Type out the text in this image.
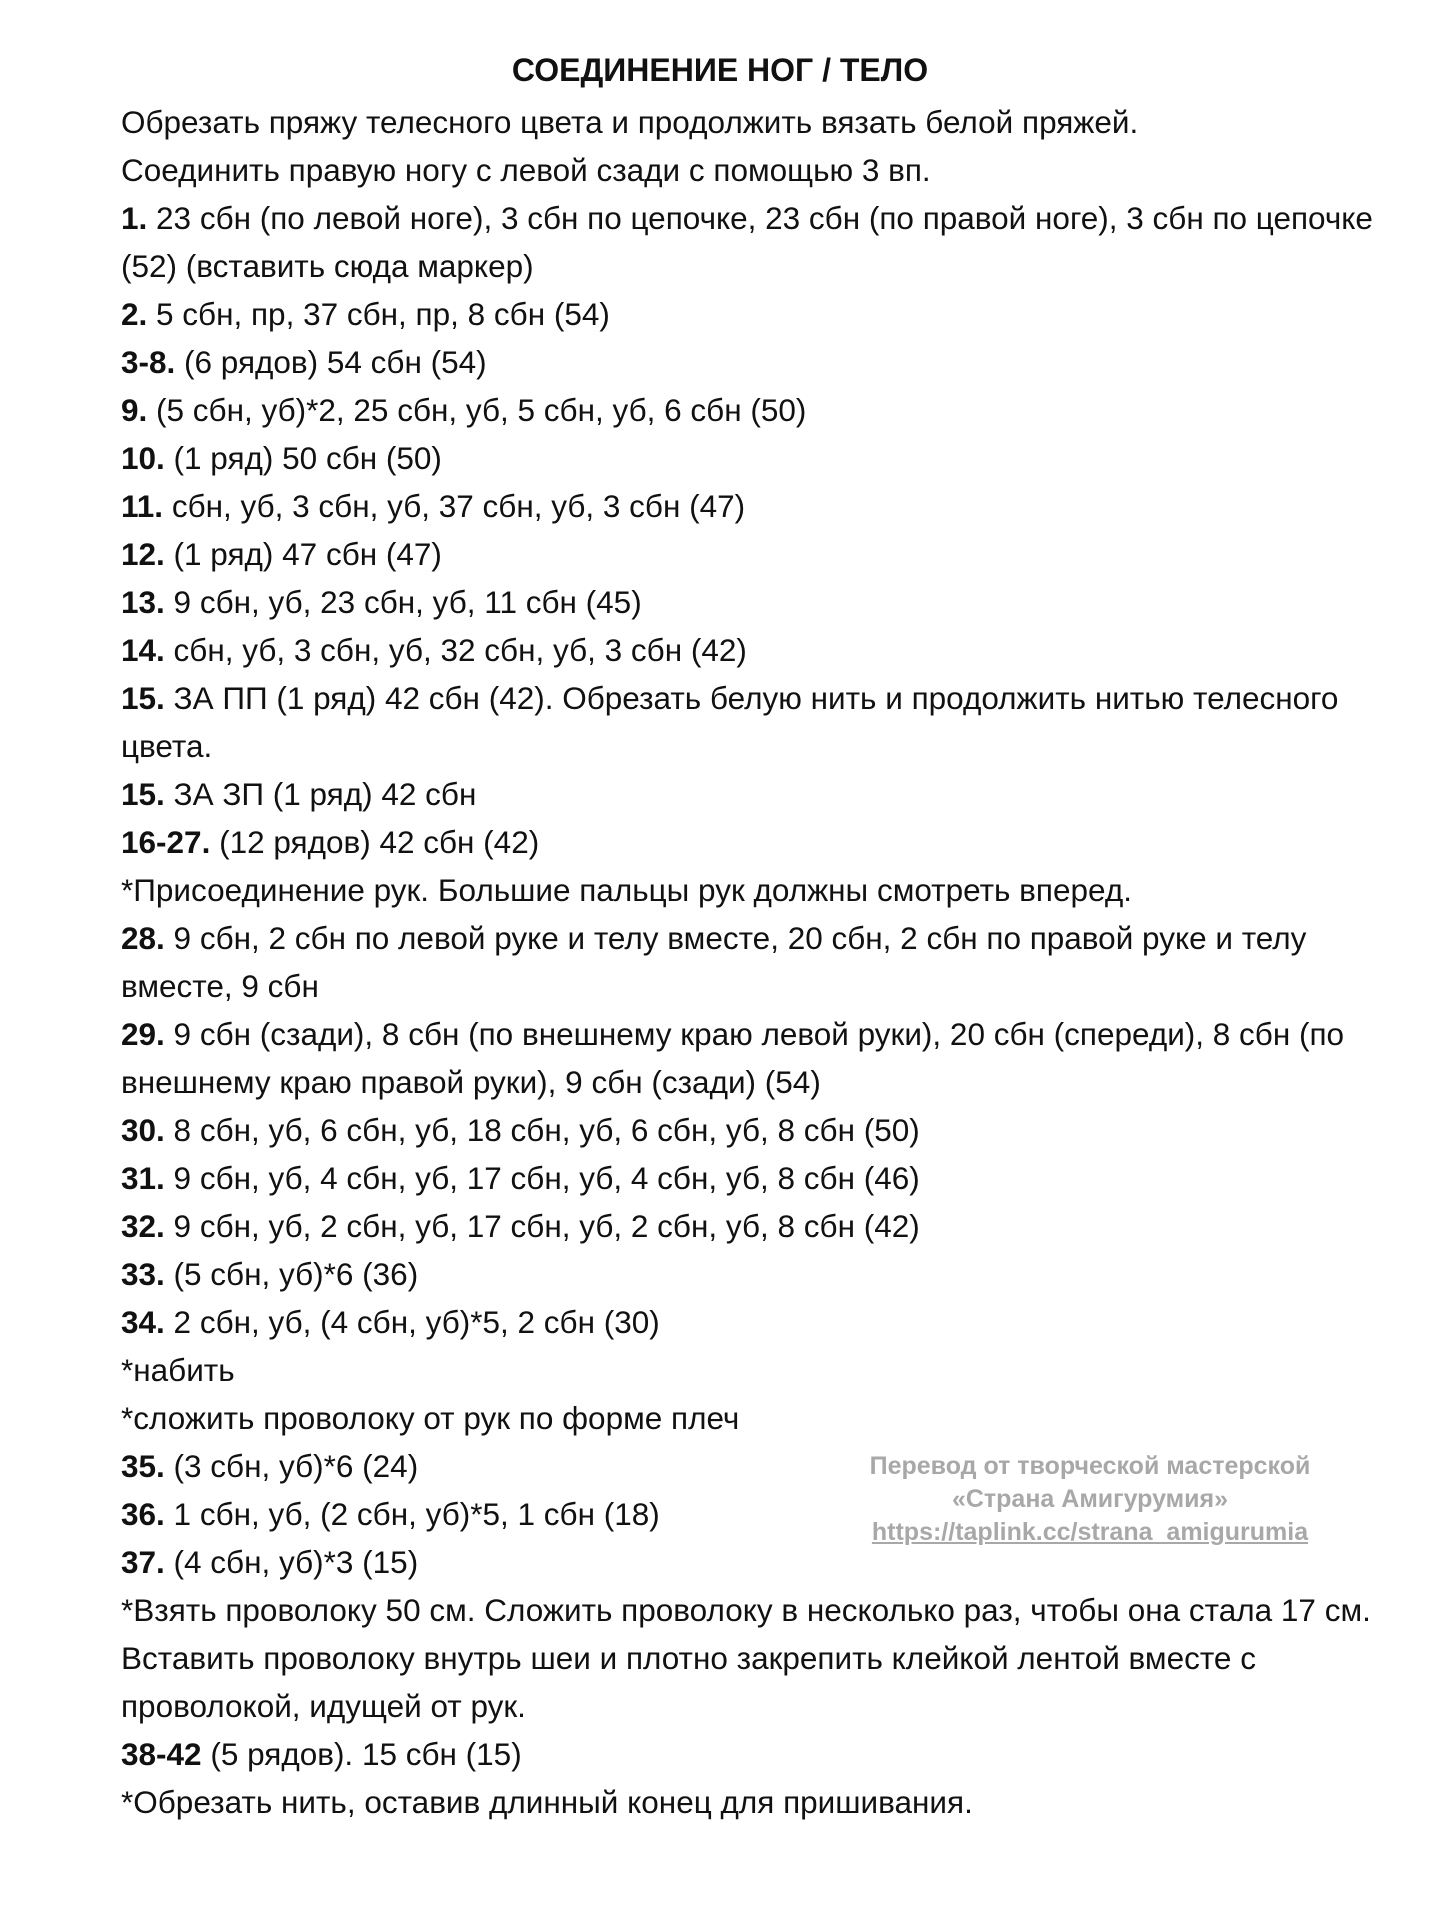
СОЕДИНЕНИЕ НОГ / ТЕЛО

Обрезать пряжу телесного цвета и продолжить вязать белой пряжей.

Соединить правую ногу с левой сзади с помощью 3 вп.

1. 23 сбн (по левой ноге), 3 сбн по цепочке, 23 сбн (по правой ноге), 3 сбн по цепочке (52) (вставить сюда маркер)

2. 5 сбн, пр, 37 сбн, пр, 8 сбн (54)

3-8. (6 рядов) 54 сбн (54)

9. (5 сбн, уб)*2, 25 сбн, уб, 5 сбн, уб, 6 сбн (50)

10. (1 ряд) 50 сбн (50)

11. сбн, уб, 3 сбн, уб, 37 сбн, уб, 3 сбн (47)

12. (1 ряд) 47 сбн (47)

13. 9 сбн, уб, 23 сбн, уб, 11 сбн (45)

14. сбн, уб, 3 сбн, уб, 32 сбн, уб, 3 сбн (42)

15. ЗА ПП (1 ряд) 42 сбн (42). Обрезать белую нить и продолжить нитью телесного цвета.

15. ЗА ЗП (1 ряд) 42 сбн

16-27. (12 рядов) 42 сбн (42)

*Присоединение рук. Большие пальцы рук должны смотреть вперед.

28. 9 сбн, 2 сбн по левой руке и телу вместе, 20 сбн, 2 сбн по правой руке и телу вместе, 9 сбн

29. 9 сбн (сзади), 8 сбн (по внешнему краю левой руки), 20 сбн (спереди), 8 сбн (по внешнему краю правой руки), 9 сбн (сзади) (54)

30. 8 сбн, уб, 6 сбн, уб, 18 сбн, уб, 6 сбн, уб, 8 сбн (50)

31. 9 сбн, уб, 4 сбн, уб, 17 сбн, уб, 4 сбн, уб, 8 сбн (46)

32. 9 сбн, уб, 2 сбн, уб, 17 сбн, уб, 2 сбн, уб, 8 сбн (42)

33. (5 сбн, уб)*6 (36)

34. 2 сбн, уб, (4 сбн, уб)*5, 2 сбн (30)

*набить

*сложить проволоку от рук по форме плеч

35. (3 сбн, уб)*6 (24)

36. 1 сбн, уб, (2 сбн, уб)*5, 1 сбн (18)

37. (4 сбн, уб)*3 (15)

*Взять проволоку 50 см. Сложить проволоку в несколько раз, чтобы она стала 17 см. Вставить проволоку внутрь шеи и плотно закрепить клейкой лентой вместе с проволокой, идущей от рук.

38-42 (5 рядов). 15 сбн (15)

*Обрезать нить, оставив длинный конец для пришивания.

Перевод от творческой мастерской
«Страна Амигурумия»
https://taplink.cc/strana_amigurumia
